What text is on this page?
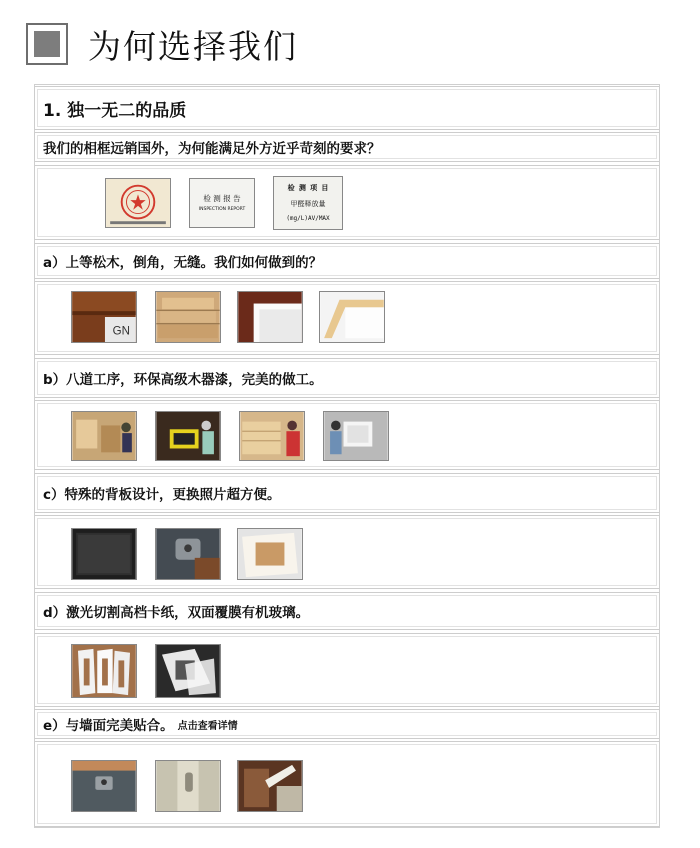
为何选择我们
1. 独一无二的品质
我们的相框远销国外，为何能满足外方近乎苛刻的要求？
检 测 报 告
INSPECTION REPORT
检 测 项 目
甲醛释放量
(mg/L)AV/MAX
a）上等松木，倒角，无缝。我们如何做到的？
GN
b）八道工序，环保高级木器漆，完美的做工。
c）特殊的背板设计，更换照片超方便。
d）激光切割高档卡纸，双面覆膜有机玻璃。
e）与墙面完美贴合。 点击查看详情
